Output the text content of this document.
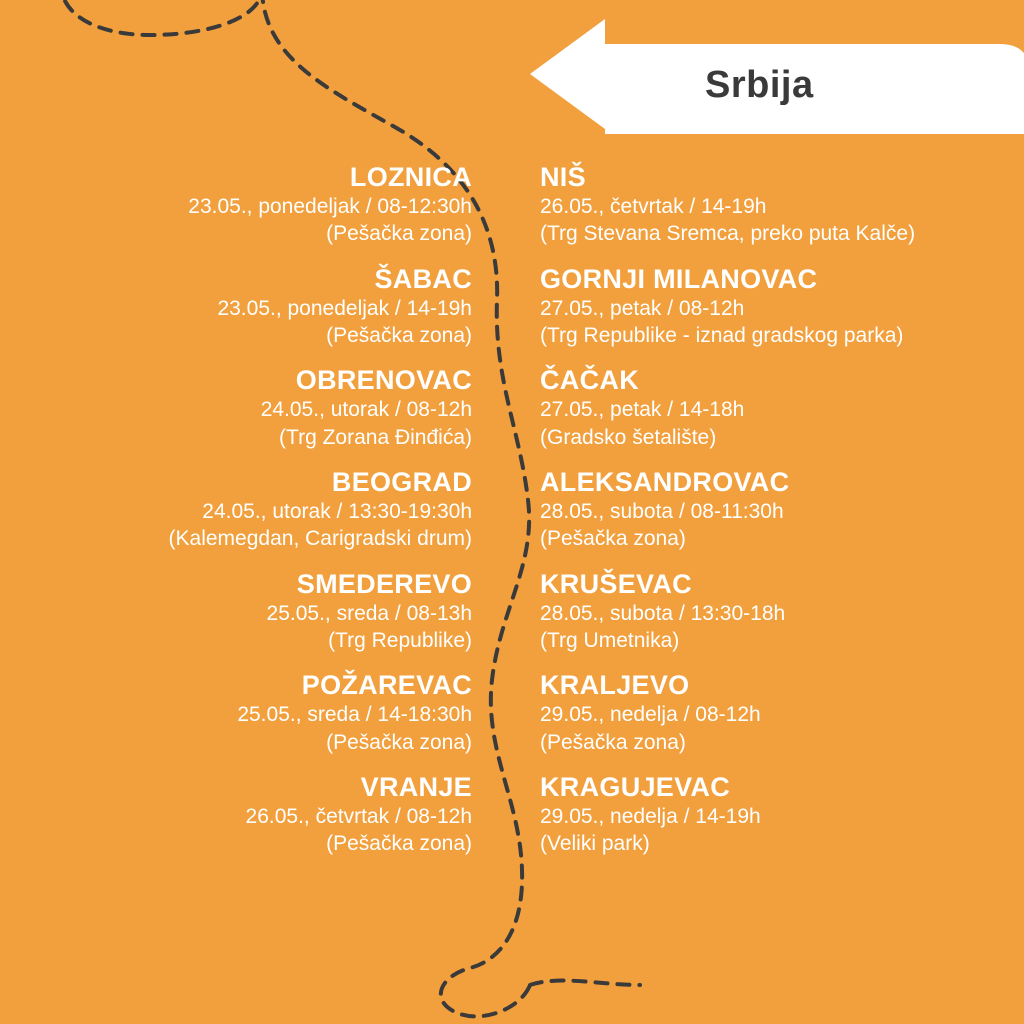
Srbija
LOZNICA
23.05., ponedeljak / 08-12:30h
(Pešačka zona)
ŠABAC
23.05., ponedeljak / 14-19h
(Pešačka zona)
OBRENOVAC
24.05., utorak / 08-12h
(Trg Zorana Đinđića)
BEOGRAD
24.05., utorak / 13:30-19:30h
(Kalemegdan, Carigradski drum)
SMEDEREVO
25.05., sreda / 08-13h
(Trg Republike)
POŽAREVAC
25.05., sreda / 14-18:30h
(Pešačka zona)
VRANJE
26.05., četvrtak / 08-12h
(Pešačka zona)
NIŠ
26.05., četvrtak / 14-19h
(Trg Stevana Sremca, preko puta Kalče)
GORNJI MILANOVAC
27.05., petak / 08-12h
(Trg Republike - iznad gradskog parka)
ČAČAK
27.05., petak / 14-18h
(Gradsko šetalište)
ALEKSANDROVAC
28.05., subota / 08-11:30h
(Pešačka zona)
KRUŠEVAC
28.05., subota / 13:30-18h
(Trg Umetnika)
KRALJEVO
29.05., nedelja / 08-12h
(Pešačka zona)
KRAGUJEVAC
29.05., nedelja / 14-19h
(Veliki park)
